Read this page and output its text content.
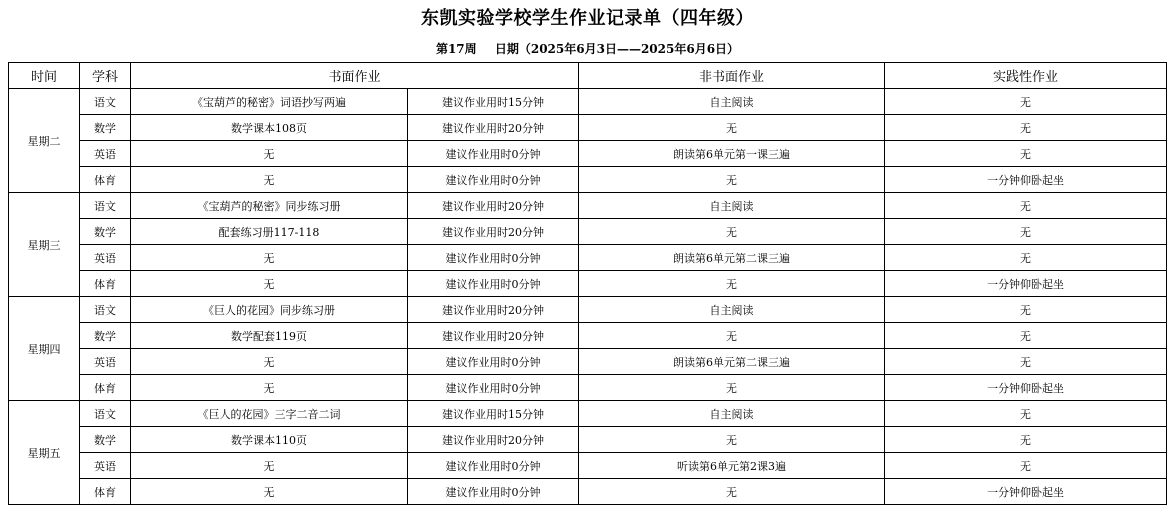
东凯实验学校学生作业记录单（四年级）
第17周 日期（2025年6月3日——2025年6月6日）
时间	学科	书面作业		非书面作业	实践性作业
星期二	语文	《宝葫芦的秘密》词语抄写两遍	建议作业用时15分钟	自主阅读	无
	数学	数学课本108页	建议作业用时20分钟	无	无
	英语	无	建议作业用时0分钟	朗读第6单元第一课三遍	无
	体育	无	建议作业用时0分钟	无	一分钟仰卧起坐
星期三	语文	《宝葫芦的秘密》同步练习册	建议作业用时20分钟	自主阅读	无
	数学	配套练习册117-118	建议作业用时20分钟	无	无
	英语	无	建议作业用时0分钟	朗读第6单元第二课三遍	无
	体育	无	建议作业用时0分钟	无	一分钟仰卧起坐
星期四	语文	《巨人的花园》同步练习册	建议作业用时20分钟	自主阅读	无
	数学	数学配套119页	建议作业用时20分钟	无	无
	英语	无	建议作业用时0分钟	朗读第6单元第二课三遍	无
	体育	无	建议作业用时0分钟	无	一分钟仰卧起坐
星期五	语文	《巨人的花园》三字二音二词	建议作业用时15分钟	自主阅读	无
	数学	数学课本110页	建议作业用时20分钟	无	无
	英语	无	建议作业用时0分钟	听读第6单元第2课3遍	无
	体育	无	建议作业用时0分钟	无	一分钟仰卧起坐
